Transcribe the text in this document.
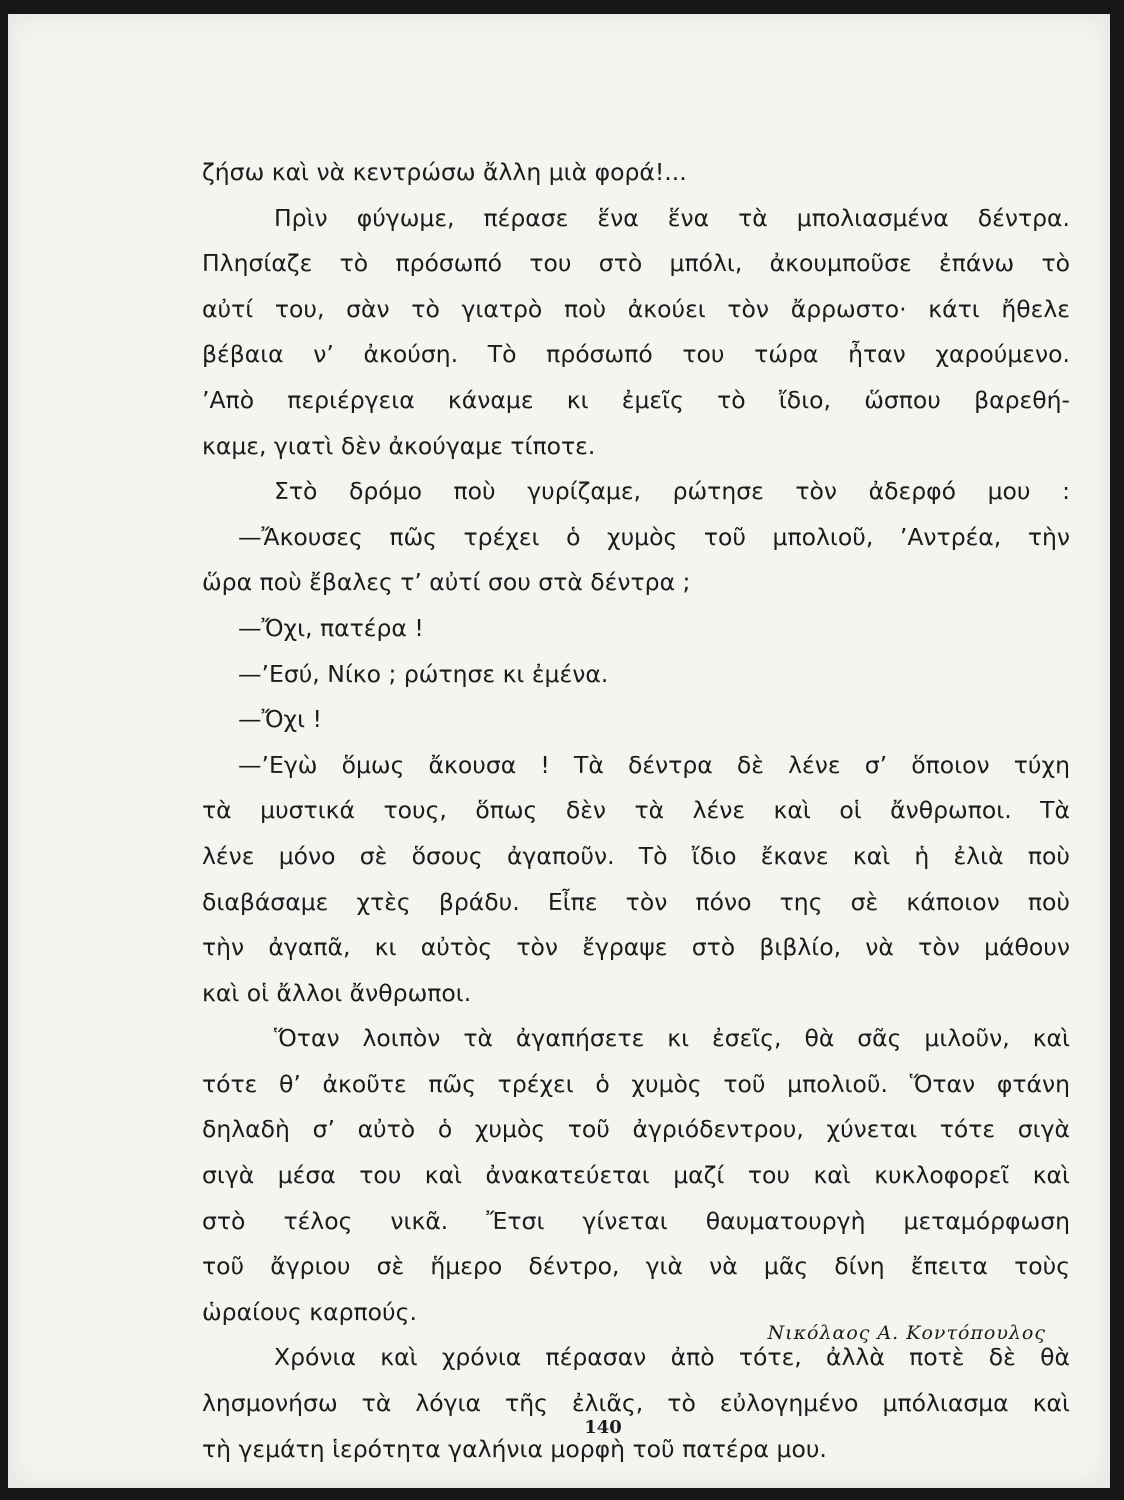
ζήσω καὶ νὰ κεντρώσω ἄλλη μιὰ φορά!...
Πρὶν φύγωμε, πέρασε ἕνα ἕνα τὰ μπολιασμένα δέντρα.
Πλησίαζε τὸ πρόσωπό του στὸ μπόλι, ἀκουμποῦσε ἐπάνω τὸ
αὐτί του, σὰν τὸ γιατρὸ ποὺ ἀκούει τὸν ἄρρωστο· κάτι ἤθελε
βέβαια ν’ ἀκούση. Τὸ πρόσωπό του τώρα ἦταν χαρούμενο.
’Απὸ περιέργεια κάναμε κι ἐμεῖς τὸ ἴδιο, ὥσπου βαρεθή-
καμε, γιατὶ δὲν ἀκούγαμε τίποτε.
Στὸ δρόμο ποὺ γυρίζαμε, ρώτησε τὸν ἀδερφό μου :
—Ἄκουσες πῶς τρέχει ὁ χυμὸς τοῦ μπολιοῦ, ’Αντρέα, τὴν
ὥρα ποὺ ἔβαλες τ’ αὐτί σου στὰ δέντρα ;
—Ὄχι, πατέρα !
—’Εσύ, Νίκο ; ρώτησε κι ἐμένα.
—Ὄχι !
—’Εγὼ ὅμως ἄκουσα ! Τὰ δέντρα δὲ λένε σ’ ὅποιον τύχη
τὰ μυστικά τους, ὅπως δὲν τὰ λένε καὶ οἱ ἄνθρωποι. Τὰ
λένε μόνο σὲ ὅσους ἀγαποῦν. Τὸ ἴδιο ἔκανε καὶ ἡ ἐλιὰ ποὺ
διαβάσαμε χτὲς βράδυ. Εἶπε τὸν πόνο της σὲ κάποιον ποὺ
τὴν ἀγαπᾶ, κι αὐτὸς τὸν ἔγραψε στὸ βιβλίο, νὰ τὸν μάθουν
καὶ οἱ ἄλλοι ἄνθρωποι.
Ὅταν λοιπὸν τὰ ἀγαπήσετε κι ἐσεῖς, θὰ σᾶς μιλοῦν, καὶ
τότε θ’ ἀκοῦτε πῶς τρέχει ὁ χυμὸς τοῦ μπολιοῦ. Ὅταν φτάνη
δηλαδὴ σ’ αὐτὸ ὁ χυμὸς τοῦ ἀγριόδεντρου, χύνεται τότε σιγὰ
σιγὰ μέσα του καὶ ἀνακατεύεται μαζί του καὶ κυκλοφορεῖ καὶ
στὸ τέλος νικᾶ. Ἔτσι γίνεται θαυματουργὴ μεταμόρφωση
τοῦ ἄγριου σὲ ἥμερο δέντρο, γιὰ νὰ μᾶς δίνη ἔπειτα τοὺς
ὡραίους καρπούς.
Χρόνια καὶ χρόνια πέρασαν ἀπὸ τότε, ἀλλὰ ποτὲ δὲ θὰ
λησμονήσω τὰ λόγια τῆς ἐλιᾶς, τὸ εὐλογημένο μπόλιασμα καὶ
τὴ γεμάτη ἱερότητα γαλήνια μορφὴ τοῦ πατέρα μου.
Νικόλαος Α. Κοντόπουλος
140
